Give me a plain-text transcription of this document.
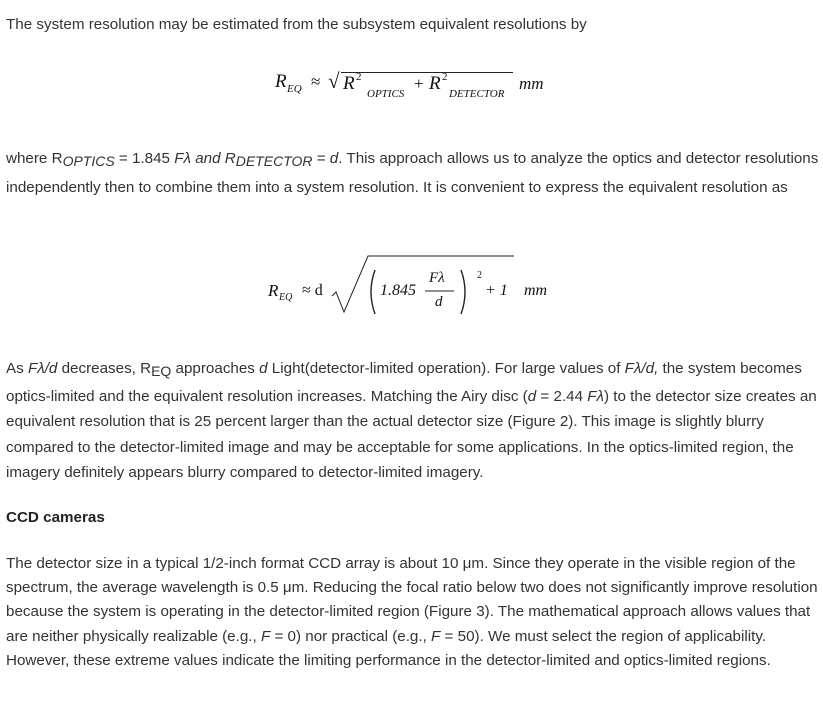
The system resolution may be estimated from the subsystem equivalent resolutions by

R EQ ≈ √ R 2
OPTICS
+ R 2
DETECTOR
mm

where ROPTICS = 1.845 Fλ and RDETECTOR = d. This approach allows us to analyze the optics and detector resolutions independently then to combine them into a system resolution. It is convenient to express the equivalent resolution as

R EQ ≈ d	1.845
Fλ
d
2
+ 1 mm

As Fλ/d decreases, REQ approaches d Light(detector-limited operation). For large values of Fλ/d, the system becomes optics-limited and the equivalent resolution increases. Matching the Airy disc (d = 2.44 Fλ) to the detector size creates an equivalent resolution that is 25 percent larger than the actual detector size (Figure 2). This image is slightly blurry compared to the detector-limited image and may be acceptable for some applications. In the optics-limited region, the imagery definitely appears blurry compared to detector-limited imagery.

CCD cameras

The detector size in a typical 1/2-inch format CCD array is about 10 μm. Since they operate in the visible region of the spectrum, the average wavelength is 0.5 μm. Reducing the focal ratio below two does not significantly improve resolution because the system is operating in the detector-limited region (Figure 3). The mathematical approach allows values that are neither physically realizable (e.g., F = 0) nor practical (e.g., F = 50). We must select the region of applicability. However, these extreme values indicate the limiting performance in the detector-limited and optics-limited regions.
